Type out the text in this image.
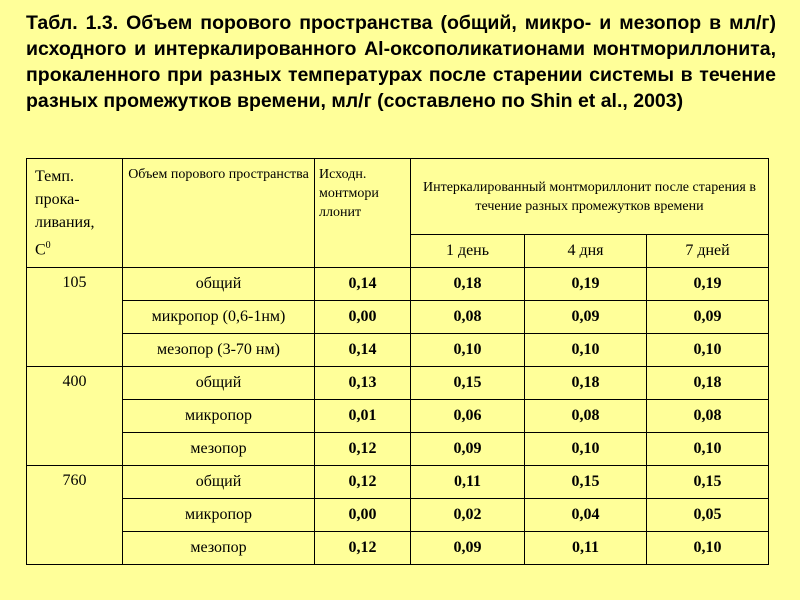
Табл. 1.3. Объем порового пространства (общий, микро- и мезопор в мл/г) исходного и интеркалированного Al-оксополикатионами монтмориллонита, прокаленного при разных температурах после старении системы в течение разных промежутков времени, мл/г (составлено по Shin et al., 2003)
Темп.
прока-
ливания,
$С^0$	Объем порового пространства	Исходн. монтмори ллонит	Интеркалированный монтмориллонит после старения в течение разных промежутков времени		
			1 день	4 дня	7 дней
105	общий	0,14	0,18	0,19	0,19
	микропор (0,6-1нм)	0,00	0,08	0,09	0,09
	мезопор (3-70 нм)	0,14	0,10	0,10	0,10
400	общий	0,13	0,15	0,18	0,18
	микропор	0,01	0,06	0,08	0,08
	мезопор	0,12	0,09	0,10	0,10
760	общий	0,12	0,11	0,15	0,15
	микропор	0,00	0,02	0,04	0,05
	мезопор	0,12	0,09	0,11	0,10
